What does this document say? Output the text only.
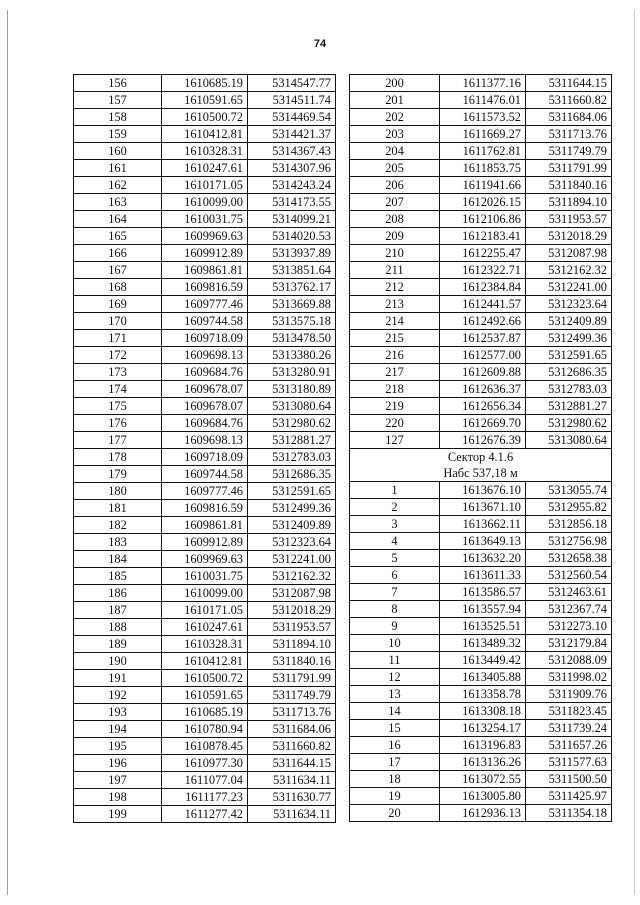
74
156	1610685.19	5314547.77
157	1610591.65	5314511.74
158	1610500.72	5314469.54
159	1610412.81	5314421.37
160	1610328.31	5314367.43
161	1610247.61	5314307.96
162	1610171.05	5314243.24
163	1610099.00	5314173.55
164	1610031.75	5314099.21
165	1609969.63	5314020.53
166	1609912.89	5313937.89
167	1609861.81	5313851.64
168	1609816.59	5313762.17
169	1609777.46	5313669.88
170	1609744.58	5313575.18
171	1609718.09	5313478.50
172	1609698.13	5313380.26
173	1609684.76	5313280.91
174	1609678.07	5313180.89
175	1609678.07	5313080.64
176	1609684.76	5312980.62
177	1609698.13	5312881.27
178	1609718.09	5312783.03
179	1609744.58	5312686.35
180	1609777.46	5312591.65
181	1609816.59	5312499.36
182	1609861.81	5312409.89
183	1609912.89	5312323.64
184	1609969.63	5312241.00
185	1610031.75	5312162.32
186	1610099.00	5312087.98
187	1610171.05	5312018.29
188	1610247.61	5311953.57
189	1610328.31	5311894.10
190	1610412.81	5311840.16
191	1610500.72	5311791.99
192	1610591.65	5311749.79
193	1610685.19	5311713.76
194	1610780.94	5311684.06
195	1610878.45	5311660.82
196	1610977.30	5311644.15
197	1611077.04	5311634.11
198	1611177.23	5311630.77
199	1611277.42	5311634.11
200	1611377.16	5311644.15
201	1611476.01	5311660.82
202	1611573.52	5311684.06
203	1611669.27	5311713.76
204	1611762.81	5311749.79
205	1611853.75	5311791.99
206	1611941.66	5311840.16
207	1612026.15	5311894.10
208	1612106.86	5311953.57
209	1612183.41	5312018.29
210	1612255.47	5312087.98
211	1612322.71	5312162.32
212	1612384.84	5312241.00
213	1612441.57	5312323.64
214	1612492.66	5312409.89
215	1612537.87	5312499.36
216	1612577.00	5312591.65
217	1612609.88	5312686.35
218	1612636.37	5312783.03
219	1612656.34	5312881.27
220	1612669.70	5312980.62
127	1612676.39	5313080.64
Сектор 4.1.6		
Набс 537,18 м		
1	1613676.10	5313055.74
2	1613671.10	5312955.82
3	1613662.11	5312856.18
4	1613649.13	5312756.98
5	1613632.20	5312658.38
6	1613611.33	5312560.54
7	1613586.57	5312463.61
8	1613557.94	5312367.74
9	1613525.51	5312273.10
10	1613489.32	5312179.84
11	1613449.42	5312088.09
12	1613405.88	5311998.02
13	1613358.78	5311909.76
14	1613308.18	5311823.45
15	1613254.17	5311739.24
16	1613196.83	5311657.26
17	1613136.26	5311577.63
18	1613072.55	5311500.50
19	1613005.80	5311425.97
20	1612936.13	5311354.18
